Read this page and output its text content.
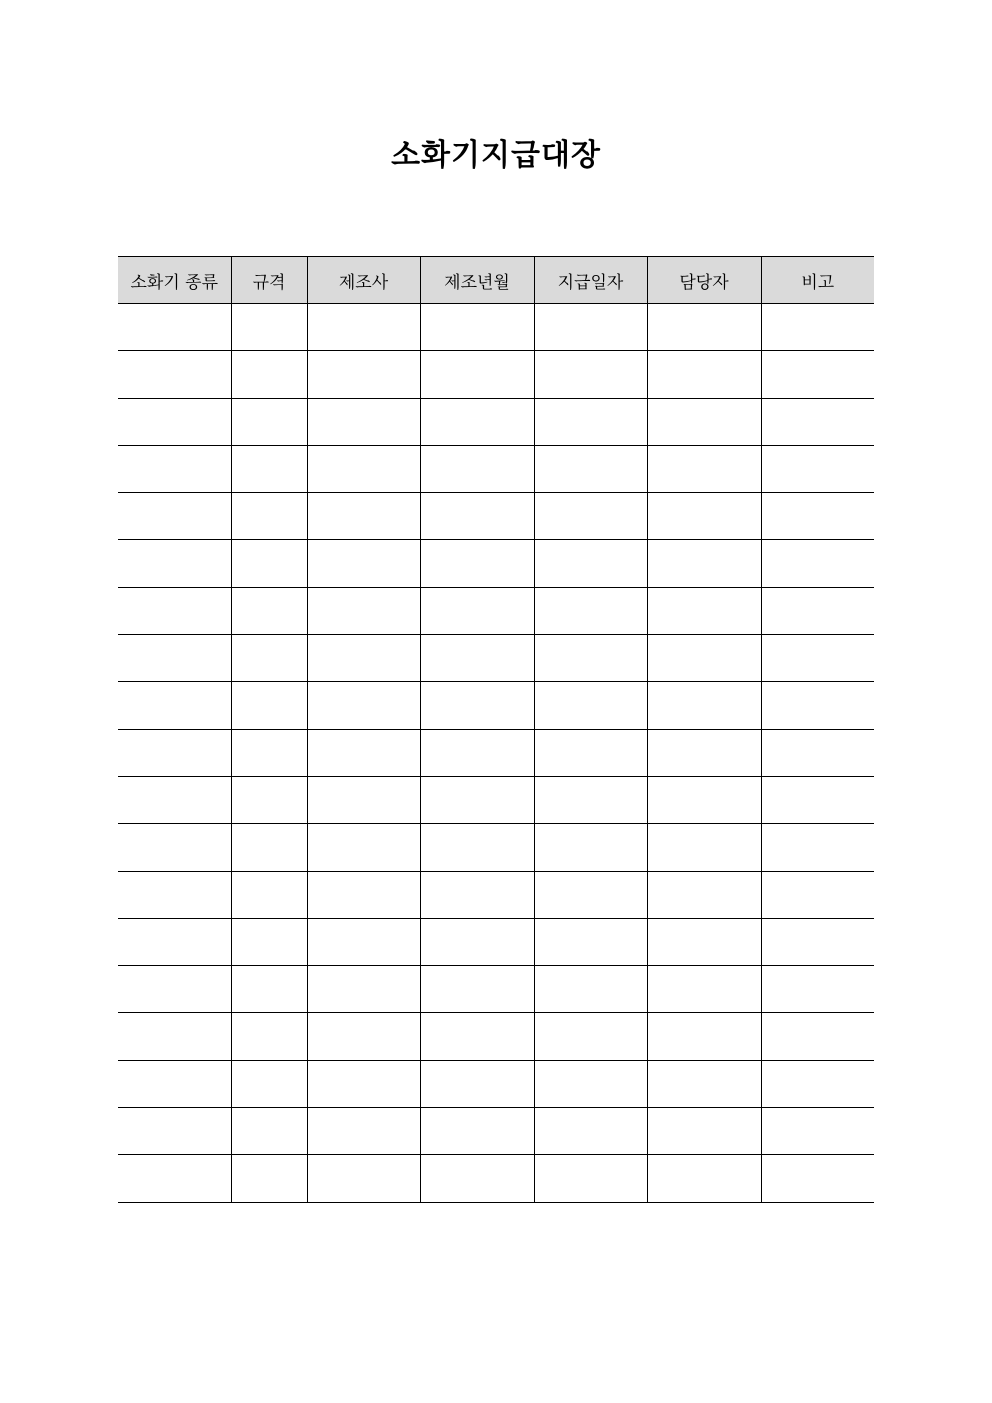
소화기지급대장
소화기 종류	규격	제조사	제조년월	지급일자	담당자	비고
